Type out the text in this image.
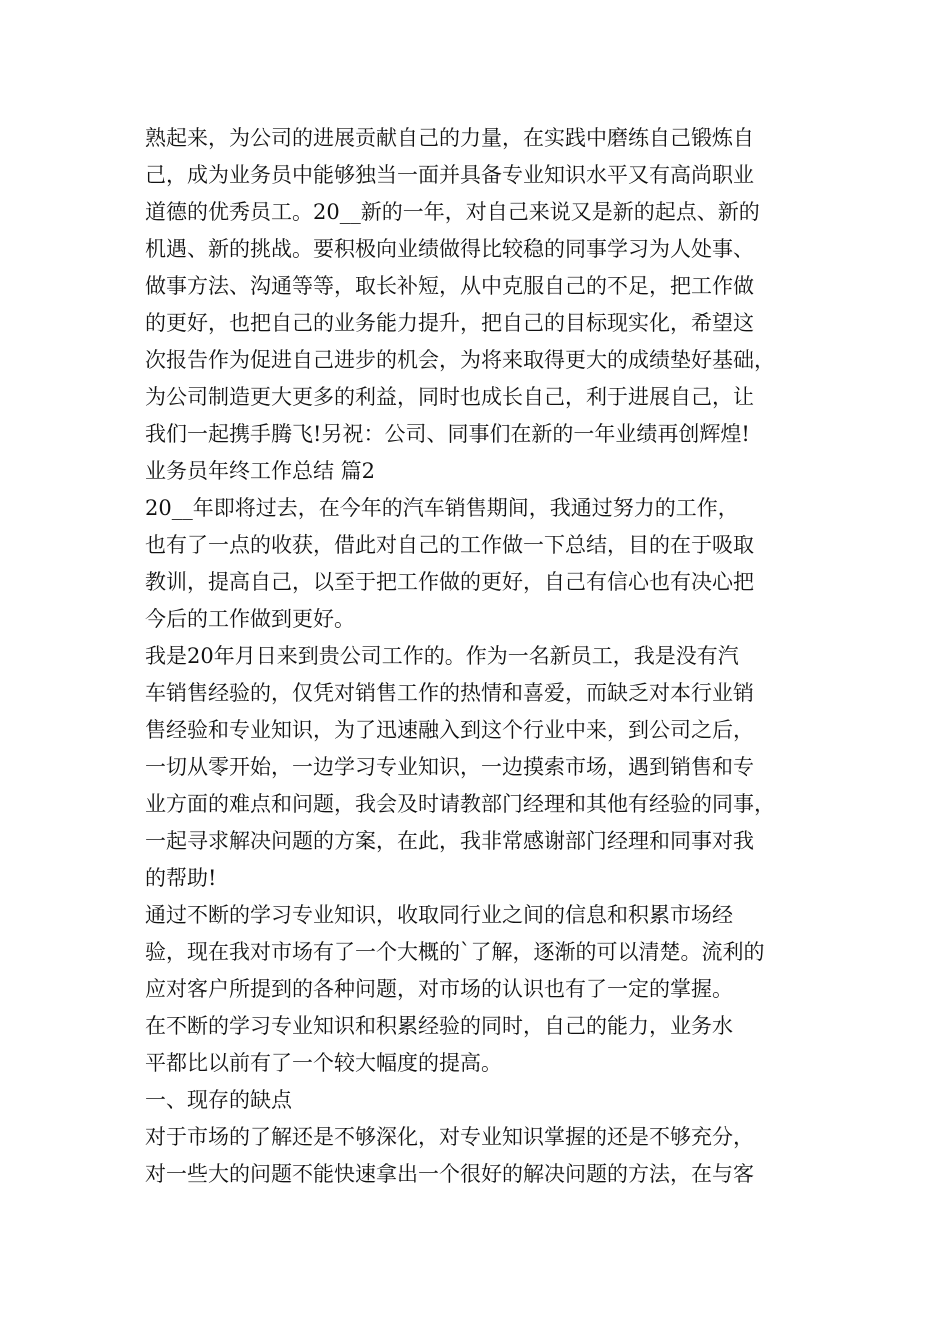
熟起来，为公司的进展贡献自己的力量，在实践中磨练自己锻炼自
己，成为业务员中能够独当一面并具备专业知识水平又有高尚职业
道德的优秀员工。20__新的一年，对自己来说又是新的起点、新的
机遇、新的挑战。要积极向业绩做得比较稳的同事学习为人处事、
做事方法、沟通等等，取长补短，从中克服自己的不足，把工作做
的更好，也把自己的业务能力提升，把自己的目标现实化，希望这
次报告作为促进自己进步的机会，为将来取得更大的成绩垫好基础，
为公司制造更大更多的利益，同时也成长自己，利于进展自己，让
我们一起携手腾飞!另祝：公司、同事们在新的一年业绩再创辉煌!
业务员年终工作总结 篇2
20__年即将过去，在今年的汽车销售期间，我通过努力的工作，
也有了一点的收获，借此对自己的工作做一下总结，目的在于吸取
教训，提高自己，以至于把工作做的更好，自己有信心也有决心把
今后的工作做到更好。
我是20年月日来到贵公司工作的。作为一名新员工，我是没有汽
车销售经验的，仅凭对销售工作的热情和喜爱，而缺乏对本行业销
售经验和专业知识，为了迅速融入到这个行业中来，到公司之后，
一切从零开始，一边学习专业知识，一边摸索市场，遇到销售和专
业方面的难点和问题，我会及时请教部门经理和其他有经验的同事，
一起寻求解决问题的方案，在此，我非常感谢部门经理和同事对我
的帮助!
通过不断的学习专业知识，收取同行业之间的信息和积累市场经
验，现在我对市场有了一个大概的`了解，逐渐的可以清楚。流利的
应对客户所提到的各种问题，对市场的认识也有了一定的掌握。
在不断的学习专业知识和积累经验的同时，自己的能力，业务水
平都比以前有了一个较大幅度的提高。
一、现存的缺点
对于市场的了解还是不够深化，对专业知识掌握的还是不够充分，
对一些大的问题不能快速拿出一个很好的解决问题的方法，在与客
